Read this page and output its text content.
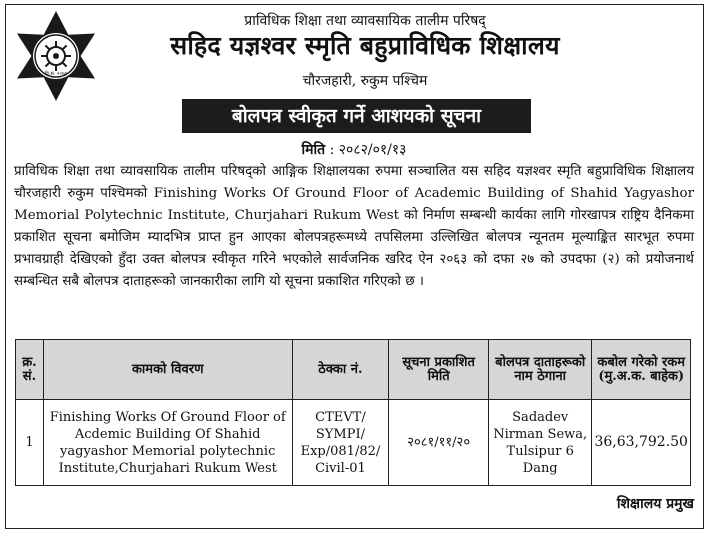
वि.स. २०७९
प्राविधिक शिक्षा तथा व्यावसायिक तालीम परिषद्
सहिद यज्ञश्वर स्मृति बहुप्राविधिक शिक्षालय
चौरजहारी, रुकुम पश्चिम
बोलपत्र स्वीकृत गर्ने आशयको सूचना
मिति : २०८२/०१/१३

प्राविधिक शिक्षा तथा व्यावसायिक तालीम परिषद्को आङ्गिक शिक्षालयका रुपमा सञ्चालित यस सहिद यज्ञश्वर स्मृति बहुप्राविधिक शिक्षालय चौरजहारी रुकुम पश्चिमको Finishing Works Of Ground Floor of Academic Building of Shahid Yagyashor Memorial Polytechnic Institute, Churjahari Rukum West को निर्माण सम्बन्धी कार्यका लागि गोरखापत्र राष्ट्रिय दैनिकमा प्रकाशित सूचना बमोजिम म्यादभित्र प्राप्त हुन आएका बोलपत्रहरूमध्ये तपसिलमा उल्लिखित बोलपत्र न्यूनतम मूल्याङ्कित सारभूत रुपमा प्रभावग्राही देखिएको हुँदा उक्त बोलपत्र स्वीकृत गरिने भएकोले सार्वजनिक खरिद ऐन २०६३ को दफा २७ को उपदफा (२) को प्रयोजनार्थ सम्बन्धित सबै बोलपत्र दाताहरूको जानकारीका लागि यो सूचना प्रकाशित गरिएको छ ।

क्र. सं.	कामको विवरण	ठेक्का नं.	सूचना प्रकाशित मिति	बोलपत्र दाताहरूको नाम ठेगाना	कबोल गरेको रकम (मु.अ.क. बाहेक)
1	Finishing Works Of Ground Floor of Acdemic Building Of Shahid yagyashor Memorial polytechnic Institute,Churjahari Rukum West	CTEVT/ SYMPI/ Exp/081/82/ Civil-01	२०८१/११/२०	Sadadev Nirman Sewa, Tulsipur 6 Dang	36,63,792.50
शिक्षालय प्रमुख
